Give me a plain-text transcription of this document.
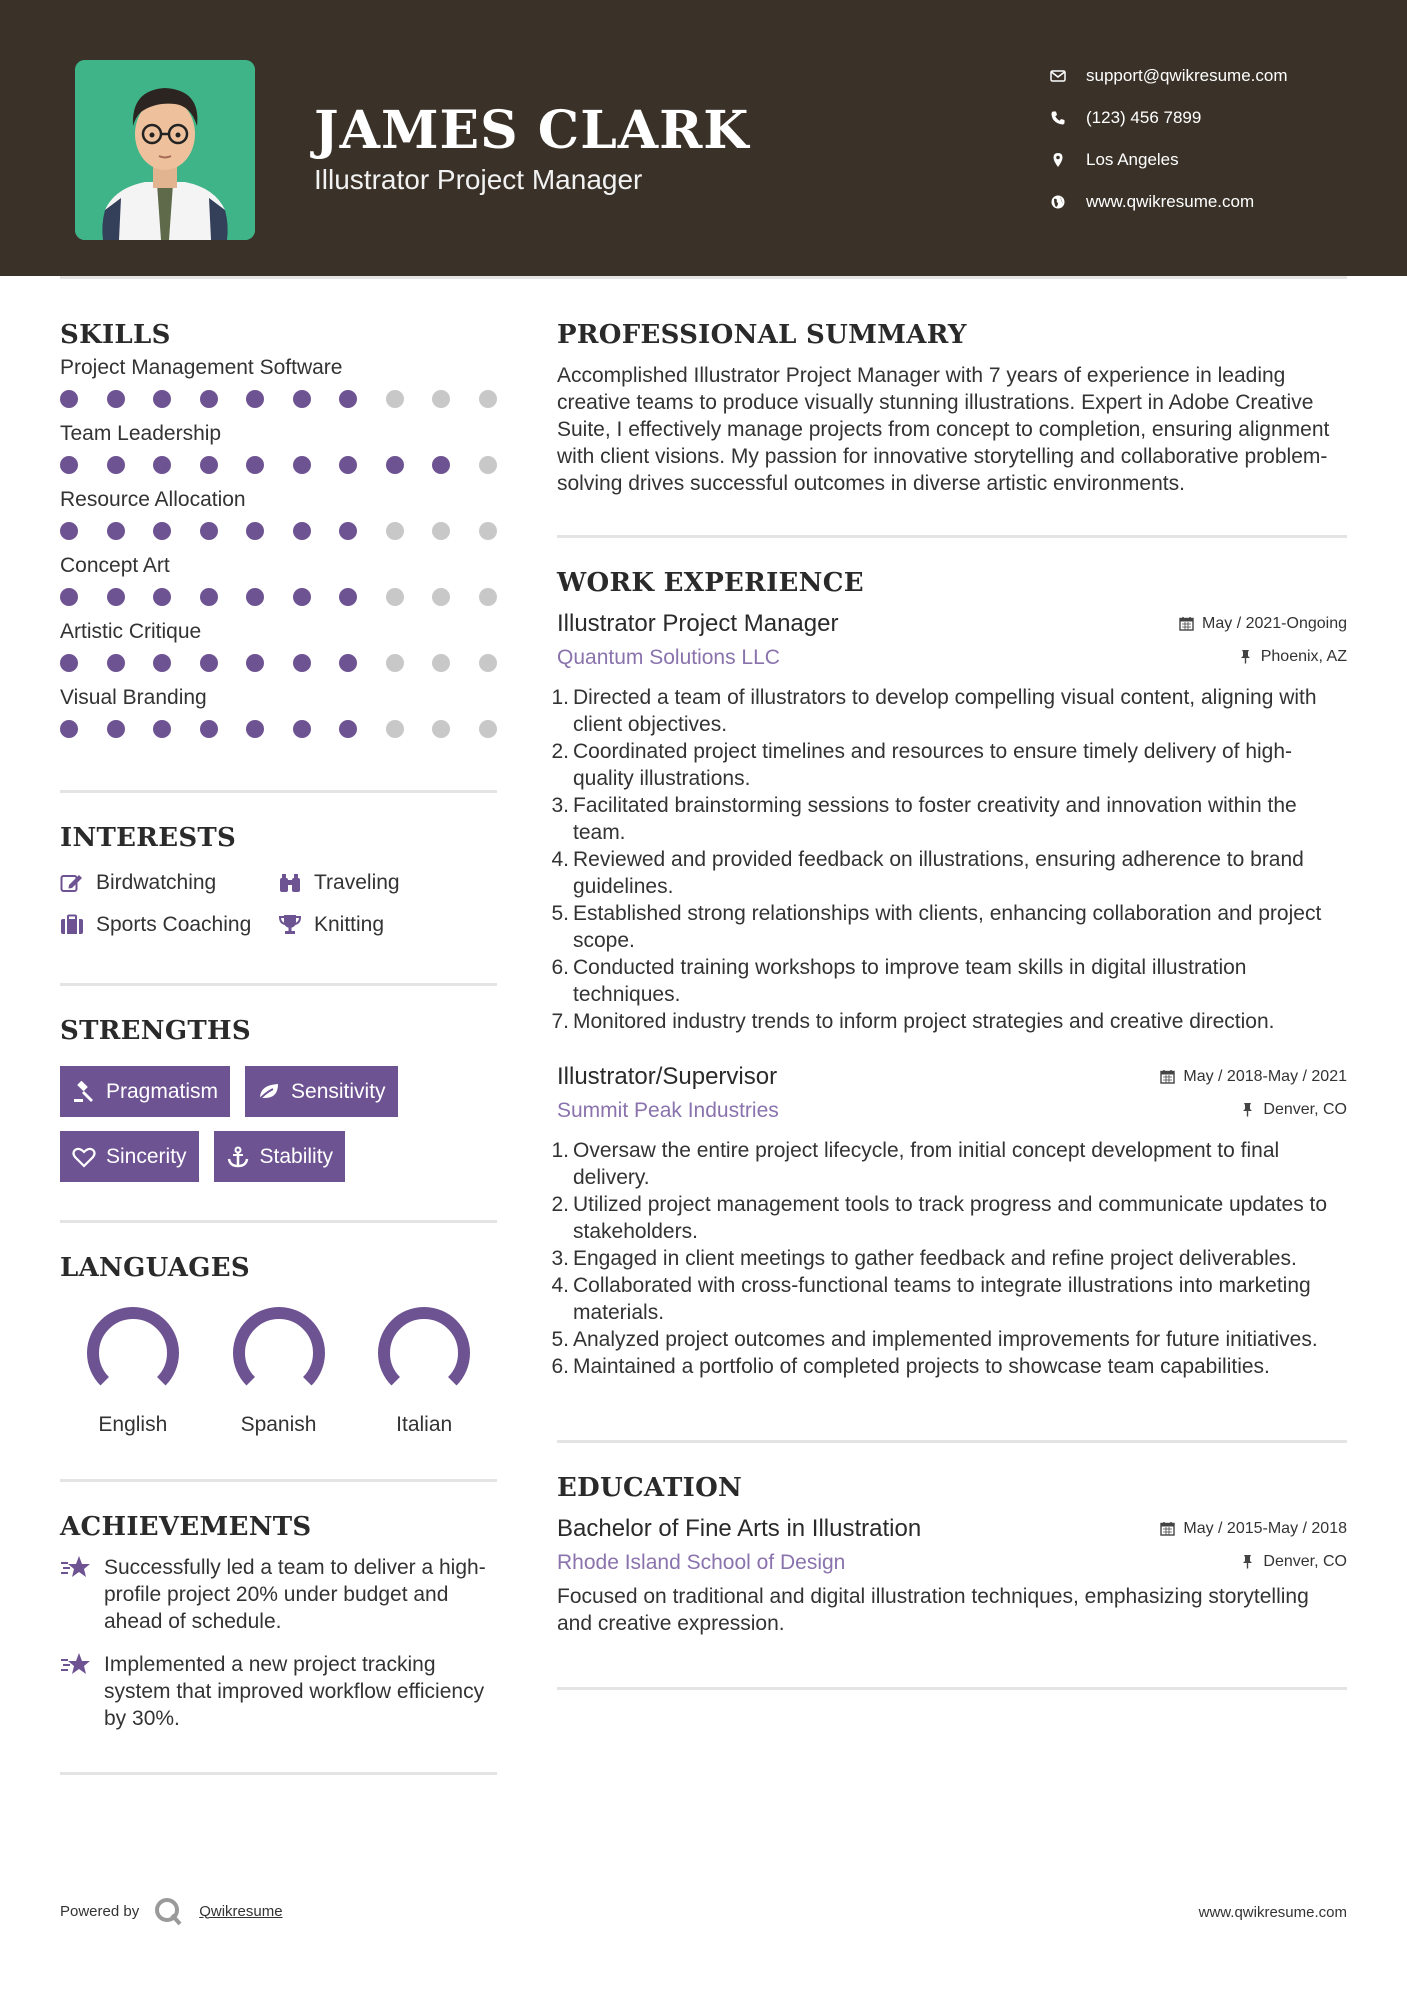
JAMES CLARK
Illustrator Project Manager
support@qwikresume.com
(123) 456 7899
Los Angeles
www.qwikresume.com
SKILLS
Project Management Software
Team Leadership
Resource Allocation
Concept Art
Artistic Critique
Visual Branding
INTERESTS
Birdwatching	Traveling
Sports Coaching	Knitting
STRENGTHS
Pragmatism	Sensitivity
Sincerity	Stability
LANGUAGES
English	Spanish	Italian
ACHIEVEMENTS
Successfully led a team to deliver a high-profile project 20% under budget and ahead of schedule.
Implemented a new project tracking system that improved workflow efficiency by 30%.
PROFESSIONAL SUMMARY
Accomplished Illustrator Project Manager with 7 years of experience in leading creative teams to produce visually stunning illustrations. Expert in Adobe Creative Suite, I effectively manage projects from concept to completion, ensuring alignment with client visions. My passion for innovative storytelling and collaborative problem-solving drives successful outcomes in diverse artistic environments.
WORK EXPERIENCE
Illustrator Project Manager	May / 2021-Ongoing
Quantum Solutions LLC	Phoenix, AZ
1. Directed a team of illustrators to develop compelling visual content, aligning with client objectives.
2. Coordinated project timelines and resources to ensure timely delivery of high-quality illustrations.
3. Facilitated brainstorming sessions to foster creativity and innovation within the team.
4. Reviewed and provided feedback on illustrations, ensuring adherence to brand guidelines.
5. Established strong relationships with clients, enhancing collaboration and project scope.
6. Conducted training workshops to improve team skills in digital illustration techniques.
7. Monitored industry trends to inform project strategies and creative direction.
Illustrator/Supervisor	May / 2018-May / 2021
Summit Peak Industries	Denver, CO
1. Oversaw the entire project lifecycle, from initial concept development to final delivery.
2. Utilized project management tools to track progress and communicate updates to stakeholders.
3. Engaged in client meetings to gather feedback and refine project deliverables.
4. Collaborated with cross-functional teams to integrate illustrations into marketing materials.
5. Analyzed project outcomes and implemented improvements for future initiatives.
6. Maintained a portfolio of completed projects to showcase team capabilities.
EDUCATION
Bachelor of Fine Arts in Illustration	May / 2015-May / 2018
Rhode Island School of Design	Denver, CO
Focused on traditional and digital illustration techniques, emphasizing storytelling and creative expression.
Powered by	Qwikresume	www.qwikresume.com
